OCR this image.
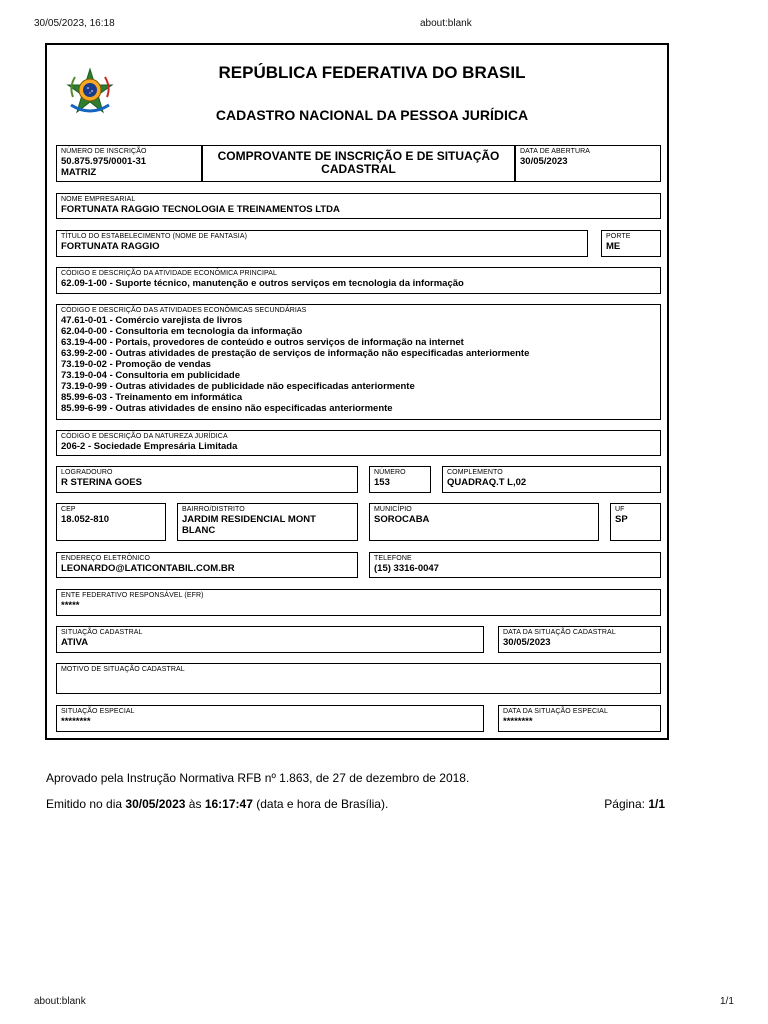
30/05/2023, 16:18	about:blank
REPÚBLICA FEDERATIVA DO BRASIL
CADASTRO NACIONAL DA PESSOA JURÍDICA
NÚMERO DE INSCRIÇÃO
50.875.975/0001-31
MATRIZ
COMPROVANTE DE INSCRIÇÃO E DE SITUAÇÃO
CADASTRAL
DATA DE ABERTURA
30/05/2023
NOME EMPRESARIAL
FORTUNATA RAGGIO TECNOLOGIA E TREINAMENTOS LTDA
TÍTULO DO ESTABELECIMENTO (NOME DE FANTASIA)
FORTUNATA RAGGIO
PORTE
ME
CÓDIGO E DESCRIÇÃO DA ATIVIDADE ECONÔMICA PRINCIPAL
62.09-1-00 - Suporte técnico, manutenção e outros serviços em tecnologia da informação
CÓDIGO E DESCRIÇÃO DAS ATIVIDADES ECONÔMICAS SECUNDÁRIAS
47.61-0-01 - Comércio varejista de livros
62.04-0-00 - Consultoria em tecnologia da informação
63.19-4-00 - Portais, provedores de conteúdo e outros serviços de informação na internet
63.99-2-00 - Outras atividades de prestação de serviços de informação não especificadas anteriormente
73.19-0-02 - Promoção de vendas
73.19-0-04 - Consultoria em publicidade
73.19-0-99 - Outras atividades de publicidade não especificadas anteriormente
85.99-6-03 - Treinamento em informática
85.99-6-99 - Outras atividades de ensino não especificadas anteriormente
CÓDIGO E DESCRIÇÃO DA NATUREZA JURÍDICA
206-2 - Sociedade Empresária Limitada
LOGRADOURO
R STERINA GOES
NÚMERO
153
COMPLEMENTO
QUADRAQ.T L,02
CEP
18.052-810
BAIRRO/DISTRITO
JARDIM RESIDENCIAL MONT
BLANC
MUNICÍPIO
SOROCABA
UF
SP
ENDEREÇO ELETRÔNICO
LEONARDO@LATICONTABIL.COM.BR
TELEFONE
(15) 3316-0047
ENTE FEDERATIVO RESPONSÁVEL (EFR)
*****
SITUAÇÃO CADASTRAL
ATIVA
DATA DA SITUAÇÃO CADASTRAL
30/05/2023
MOTIVO DE SITUAÇÃO CADASTRAL
SITUAÇÃO ESPECIAL
********
DATA DA SITUAÇÃO ESPECIAL
********
Aprovado pela Instrução Normativa RFB nº 1.863, de 27 de dezembro de 2018.
Emitido no dia 30/05/2023 às 16:17:47 (data e hora de Brasília).	Página: 1/1
about:blank	1/1
